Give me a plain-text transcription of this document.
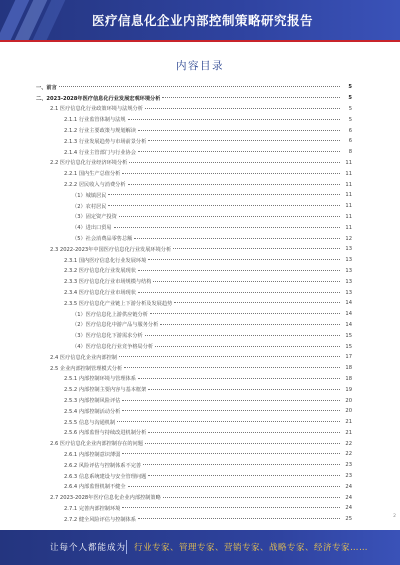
医疗信息化企业内部控制策略研究报告
内容目录
一、前言	5
二、2023-2028年医疗信息化行业发展宏观环境分析	5
2.1 医疗信息化行业政策环境与法规分析	5
2.1.1 行业监管体制与法规	5
2.1.2 行业主要政策与规划解读	6
2.1.3 行业发展趋势与市场前景分析	6
2.1.4 行业主管部门与行业协会	8
2.2 医疗信息化行业经济环境分析	11
2.2.1 国内生产总值分析	11
2.2.2 居民收入与消费分析	11
（1）城镇居民	11
（2）农村居民	11
（3）固定资产投资	11
（4）进出口贸易	11
（5）社会消费品零售总额	12
2.3 2022-2023年中国医疗信息化行业发展环境分析	13
2.3.1 国内医疗信息化行业发展环境	13
2.3.2 医疗信息化行业发展现状	13
2.3.3 医疗信息化行业市场规模与结构	13
2.3.4 医疗信息化行业市场现状	13
2.3.5 医疗信息化产业链上下游分析及发展趋势	14
（1）医疗信息化上游供应链分析	14
（2）医疗信息化中游产品与服务分析	14
（3）医疗信息化下游需求分析	15
（4）医疗信息化行业竞争格局分析	15
2.4 医疗信息化企业内部控制	17
2.5 企业内部控制管理模式分析	18
2.5.1 内部控制环境与管理体系	18
2.5.2 内部控制主要内容与基本框架	19
2.5.3 内部控制风险评估	20
2.5.4 内部控制活动分析	20
2.5.5 信息与沟通机制	21
2.5.6 内部监督与持续改进机制分析	21
2.6 医疗信息化企业内部控制存在的问题	22
2.6.1 内部控制意识薄弱	22
2.6.2 风险评估与控制体系不完善	23
2.6.3 信息系统建设与安全管理问题	23
2.6.4 内部监督机制不健全	24
2.7 2023-2028年医疗信息化企业内部控制策略	24
2.7.1 完善内部控制环境	24
2.7.2 健全风险评估与控制体系	25	2
让每个人都能成为 行业专家、管理专家、营销专家、战略专家、经济专家……
